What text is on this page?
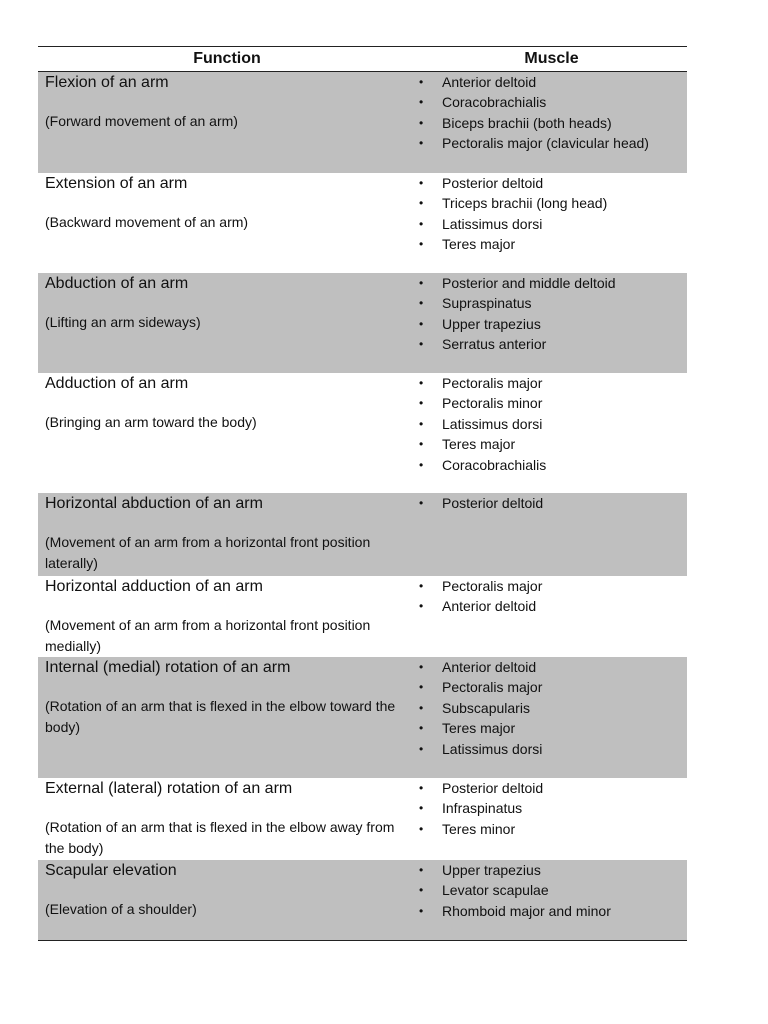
Function	Muscle
Flexion of an arm
(Forward movement of an arm)
• Anterior deltoid
• Coracobrachialis
• Biceps brachii (both heads)
• Pectoralis major (clavicular head)
Extension of an arm
(Backward movement of an arm)
• Posterior deltoid
• Triceps brachii (long head)
• Latissimus dorsi
• Teres major
Abduction of an arm
(Lifting an arm sideways)
• Posterior and middle deltoid
• Supraspinatus
• Upper trapezius
• Serratus anterior
Adduction of an arm
(Bringing an arm toward the body)
• Pectoralis major
• Pectoralis minor
• Latissimus dorsi
• Teres major
• Coracobrachialis
Horizontal abduction of an arm
(Movement of an arm from a horizontal front position laterally)
• Posterior deltoid
Horizontal adduction of an arm
(Movement of an arm from a horizontal front position medially)
• Pectoralis major
• Anterior deltoid
Internal (medial) rotation of an arm
(Rotation of an arm that is flexed in the elbow toward the body)
• Anterior deltoid
• Pectoralis major
• Subscapularis
• Teres major
• Latissimus dorsi
External (lateral) rotation of an arm
(Rotation of an arm that is flexed in the elbow away from the body)
• Posterior deltoid
• Infraspinatus
• Teres minor
Scapular elevation
(Elevation of a shoulder)
• Upper trapezius
• Levator scapulae
• Rhomboid major and minor
